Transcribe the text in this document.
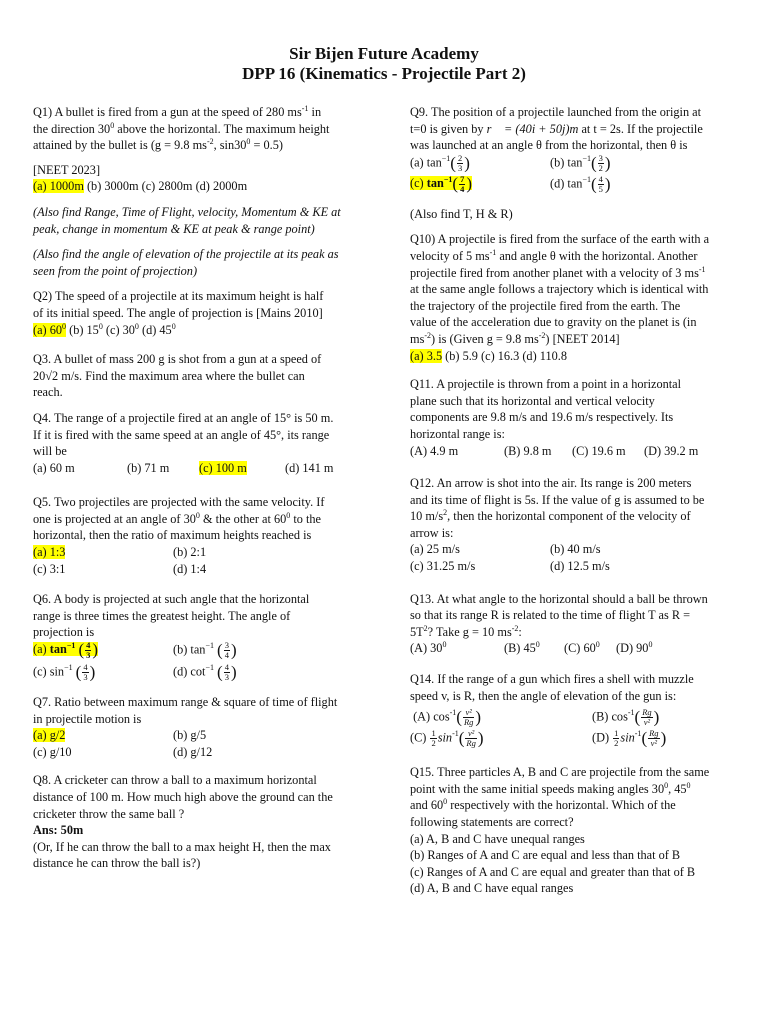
Sir Bijen Future Academy
DPP 16 (Kinematics - Projectile Part 2)

Q1) A bullet is fired from a gun at the speed of 280 $ms^{-1}$ in

the direction $30^0$ above the horizontal. The maximum height

attained by the bullet is (g = 9.8 $ms^{-2}$, $\sin 30^0 = 0.5$)

[NEET 2023]

(a) 1000m (b) 3000m (c) 2800m (d) 2000m

(Also find Range, Time of Flight, velocity, Momentum & KE at

peak, change in momentum & KE at peak & range point)

(Also find the angle of elevation of the projectile at its peak as

seen from the point of projection)

Q2) The speed of a projectile at its maximum height is half

of its initial speed. The angle of projection is [Mains 2010]

(a) $60^0$ (b) $15^0$ (c) $30^0$ (d) $45^0$

Q3. A bullet of mass 200 g is shot from a gun at a speed of

20√2 m/s. Find the maximum area where the bullet can

reach.

Q4. The range of a projectile fired at an angle of 15° is 50 m.

If it is fired with the same speed at an angle of 45°, its range

will be

(a) 60 m	(b) 71 m	(c) 100 m	(d) 141 m

Q5. Two projectiles are projected with the same velocity. If

one is projected at an angle of $30^0$ & the other at $60^0$ to the

horizontal, then the ratio of maximum heights reached is

(a) 1:3	(b) 2:1
(c) 3:1	(d) 1:4

Q6. A body is projected at such angle that the horizontal

range is three times the greatest height. The angle of

projection is

(a) $\tan^{-1}$ ( $\frac{4}{3}$ )	(b) $\tan^{-1}$ ( $\frac{3}{4}$ )
(c) $\sin^{-1}$ ( $\frac{4}{3}$ )	(d) $\cot^{-1}$ ( $\frac{4}{3}$ )

Q7. Ratio between maximum range & square of time of flight

in projectile motion is

(a) g/2	(b) g/5
(c) g/10	(d) g/12

Q8. A cricketer can throw a ball to a maximum horizontal

distance of 100 m. How much high above the ground can the

cricketer throw the same ball ?

Ans: 50m

(Or, If he can throw the ball to a max height H, then the max

distance he can throw the ball is?)

Q9. The position of a projectile launched from the origin at

t=0 is given by r⃗ = (40i + 50j)m at t = 2s. If the projectile

was launched at an angle θ from the horizontal, then θ is

(a) $\tan^{-1}( \frac{2}{3}$ )	(b) $\tan^{-1}( \frac{3}{2}$ )
(c) $\tan^{-1}( \frac{7}{4}$ )	(d) $\tan^{-1}( \frac{4}{5}$ )

(Also find T, H & R)

Q10) A projectile is fired from the surface of the earth with a

velocity of 5 $ms^{-1}$ and angle θ with the horizontal. Another

projectile fired from another planet with a velocity of 3 $ms^{-1}$

at the same angle follows a trajectory which is identical with

the trajectory of the projectile fired from the earth. The

value of the acceleration due to gravity on the planet is (in

$ms^{-2}$) is (Given g = 9.8 $ms^{-2}$) [NEET 2014]

(a) 3.5 (b) 5.9 (c) 16.3 (d) 110.8

Q11. A projectile is thrown from a point in a horizontal

plane such that its horizontal and vertical velocity

components are 9.8 m/s and 19.6 m/s respectively. Its

horizontal range is:

(A) 4.9 m	(B) 9.8 m	(C) 19.6 m	(D) 39.2 m

Q12. An arrow is shot into the air. Its range is 200 meters

and its time of flight is 5s. If the value of g is assumed to be

10 $m/s^2$, then the horizontal component of the velocity of

arrow is:

(a) 25 m/s	(b) 40 m/s
(c) 31.25 m/s	(d) 12.5 m/s

Q13. At what angle to the horizontal should a ball be thrown

so that its range R is related to the time of flight T as R =

$5T^2$? Take g = 10 $ms^{-2}$:

(A) $30^0$	(B) $45^0$	(C) $60^0$	(D) $90^0$

Q14. If the range of a gun which fires a shell with muzzle

speed v, is R, then the angle of elevation of the gun is:

(A) $\cos^{-1}( \frac{\text{v²}}{Rg}$ )	(B) $\cos^{-1}( \frac{Rg}{\text{v²}}$ )
$(C) \frac{1}{2} \sin^{-1}( \frac{\text{v²}}{Rg}$ )	$(D) \frac{1}{2} \sin^{-1}( \frac{Rg}{\text{v²}}$ )

Q15. Three particles A, B and C are projectile from the same

point with the same initial speeds making angles $30^0$, $45^0$

and $60^0$ respectively with the horizontal. Which of the

following statements are correct?

(a) A, B and C have unequal ranges

(b) Ranges of A and C are equal and less than that of B

(c) Ranges of A and C are equal and greater than that of B

(d) A, B and C have equal ranges
